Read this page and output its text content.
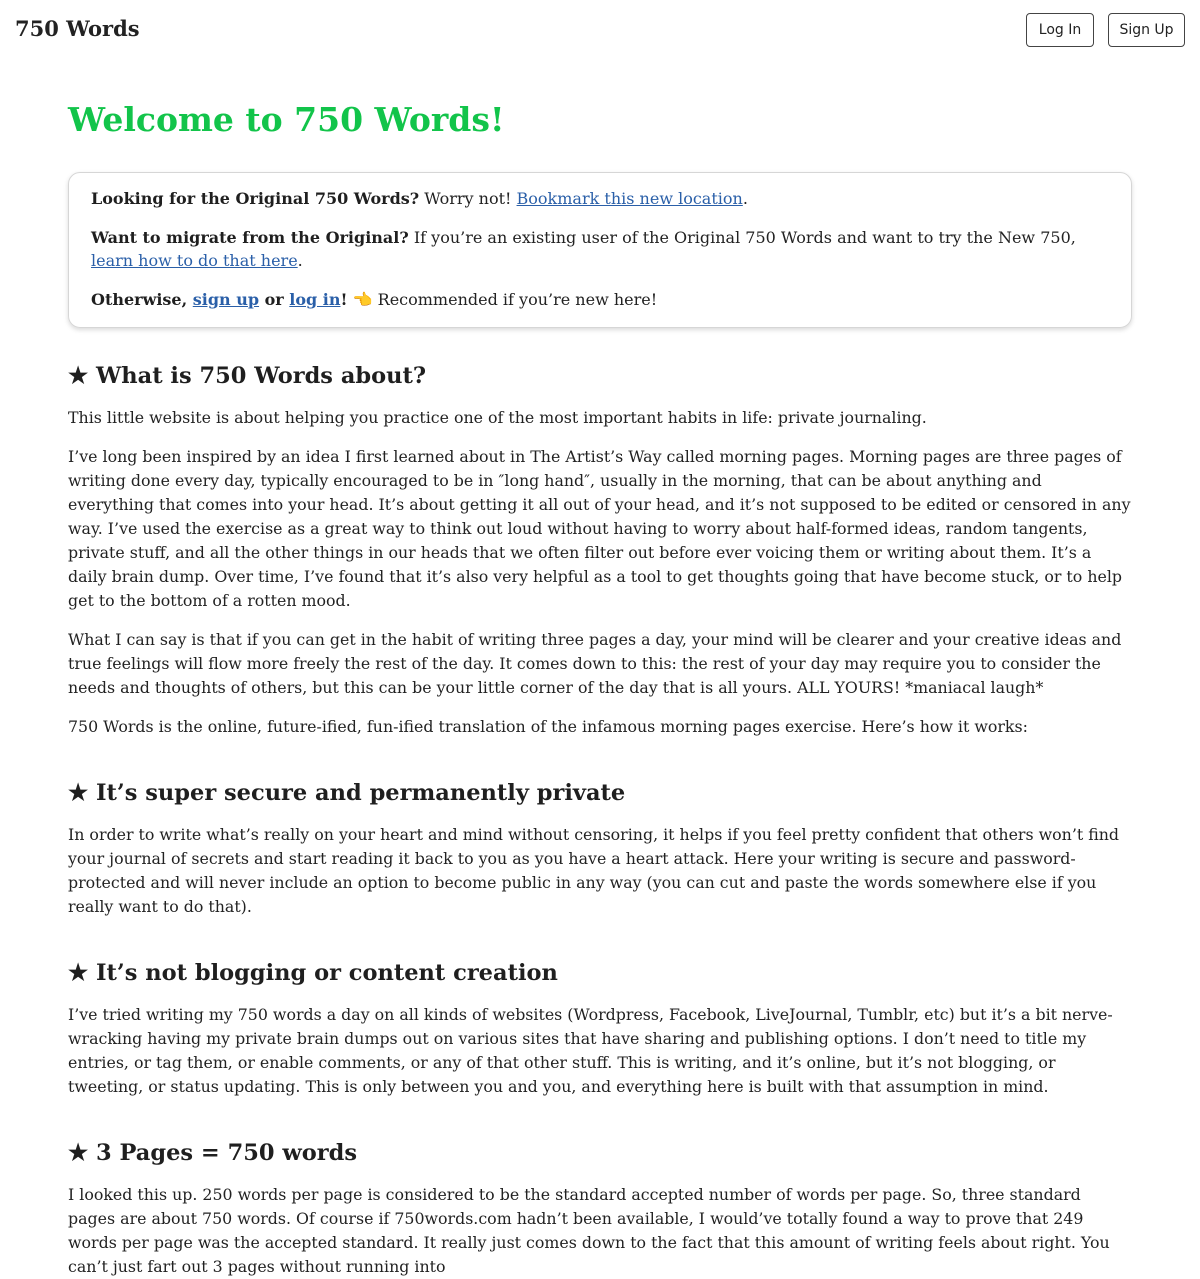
750 Words	Log In	Sign Up
Welcome to 750 Words!

Looking for the Original 750 Words? Worry not! Bookmark this new location.

Want to migrate from the Original? If you’re an existing user of the Original 750 Words and want to try the New 750, learn how to do that here.

Otherwise, sign up or log in! 👈 Recommended if you’re new here!

★ What is 750 Words about?

This little website is about helping you practice one of the most important habits in life: private journaling.

I’ve long been inspired by an idea I first learned about in The Artist’s Way called morning pages. Morning pages are three pages of writing done every day, typically encouraged to be in ″long hand″, usually in the morning, that can be about anything and everything that comes into your head. It’s about getting it all out of your head, and it’s not supposed to be edited or censored in any way. I’ve used the exercise as a great way to think out loud without having to worry about half-formed ideas, random tangents, private stuff, and all the other things in our heads that we often filter out before ever voicing them or writing about them. It’s a daily brain dump. Over time, I’ve found that it’s also very helpful as a tool to get thoughts going that have become stuck, or to help get to the bottom of a rotten mood.

What I can say is that if you can get in the habit of writing three pages a day, your mind will be clearer and your creative ideas and true feelings will flow more freely the rest of the day. It comes down to this: the rest of your day may require you to consider the needs and thoughts of others, but this can be your little corner of the day that is all yours. ALL YOURS! *maniacal laugh*

750 Words is the online, future-ified, fun-ified translation of the infamous morning pages exercise. Here’s how it works:

★ It’s super secure and permanently private

In order to write what’s really on your heart and mind without censoring, it helps if you feel pretty confident that others won’t find your journal of secrets and start reading it back to you as you have a heart attack. Here your writing is secure and password-protected and will never include an option to become public in any way (you can cut and paste the words somewhere else if you really want to do that).

★ It’s not blogging or content creation

I’ve tried writing my 750 words a day on all kinds of websites (Wordpress, Facebook, LiveJournal, Tumblr, etc) but it’s a bit nerve-wracking having my private brain dumps out on various sites that have sharing and publishing options. I don’t need to title my entries, or tag them, or enable comments, or any of that other stuff. This is writing, and it’s online, but it’s not blogging, or tweeting, or status updating. This is only between you and you, and everything here is built with that assumption in mind.

★ 3 Pages = 750 words

I looked this up. 250 words per page is considered to be the standard accepted number of words per page. So, three standard pages are about 750 words. Of course if 750words.com hadn’t been available, I would’ve totally found a way to prove that 249 words per page was the accepted standard. It really just comes down to the fact that this amount of writing feels about right. You can’t just fart out 3 pages without running into
